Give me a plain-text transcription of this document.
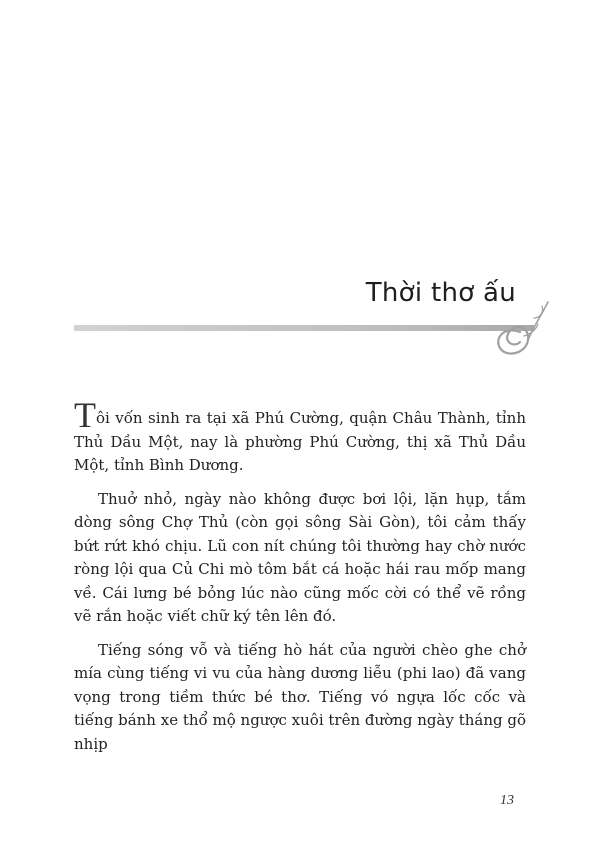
Thời thơ ấu

Tôi vốn sinh ra tại xã Phú Cường, quận Châu Thành, tỉnh Thủ Dầu Một, nay là phường Phú Cường, thị xã Thủ Dầu Một, tỉnh Bình Dương.

Thuở nhỏ, ngày nào không được bơi lội, lặn hụp, tắm dòng sông Chợ Thủ (còn gọi sông Sài Gòn), tôi cảm thấy bứt rứt khó chịu. Lũ con nít chúng tôi thường hay chờ nước ròng lội qua Củ Chi mò tôm bắt cá hoặc hái rau mốp mang về. Cái lưng bé bỏng lúc nào cũng mốc cời có thể vẽ rồng vẽ rắn hoặc viết chữ ký tên lên đó.

Tiếng sóng vỗ và tiếng hò hát của người chèo ghe chở mía cùng tiếng vi vu của hàng dương liễu (phi lao) đã vang vọng trong tiềm thức bé thơ. Tiếng vó ngựa lốc cốc và tiếng bánh xe thổ mộ ngược xuôi trên đường ngày tháng gõ nhịp

13
